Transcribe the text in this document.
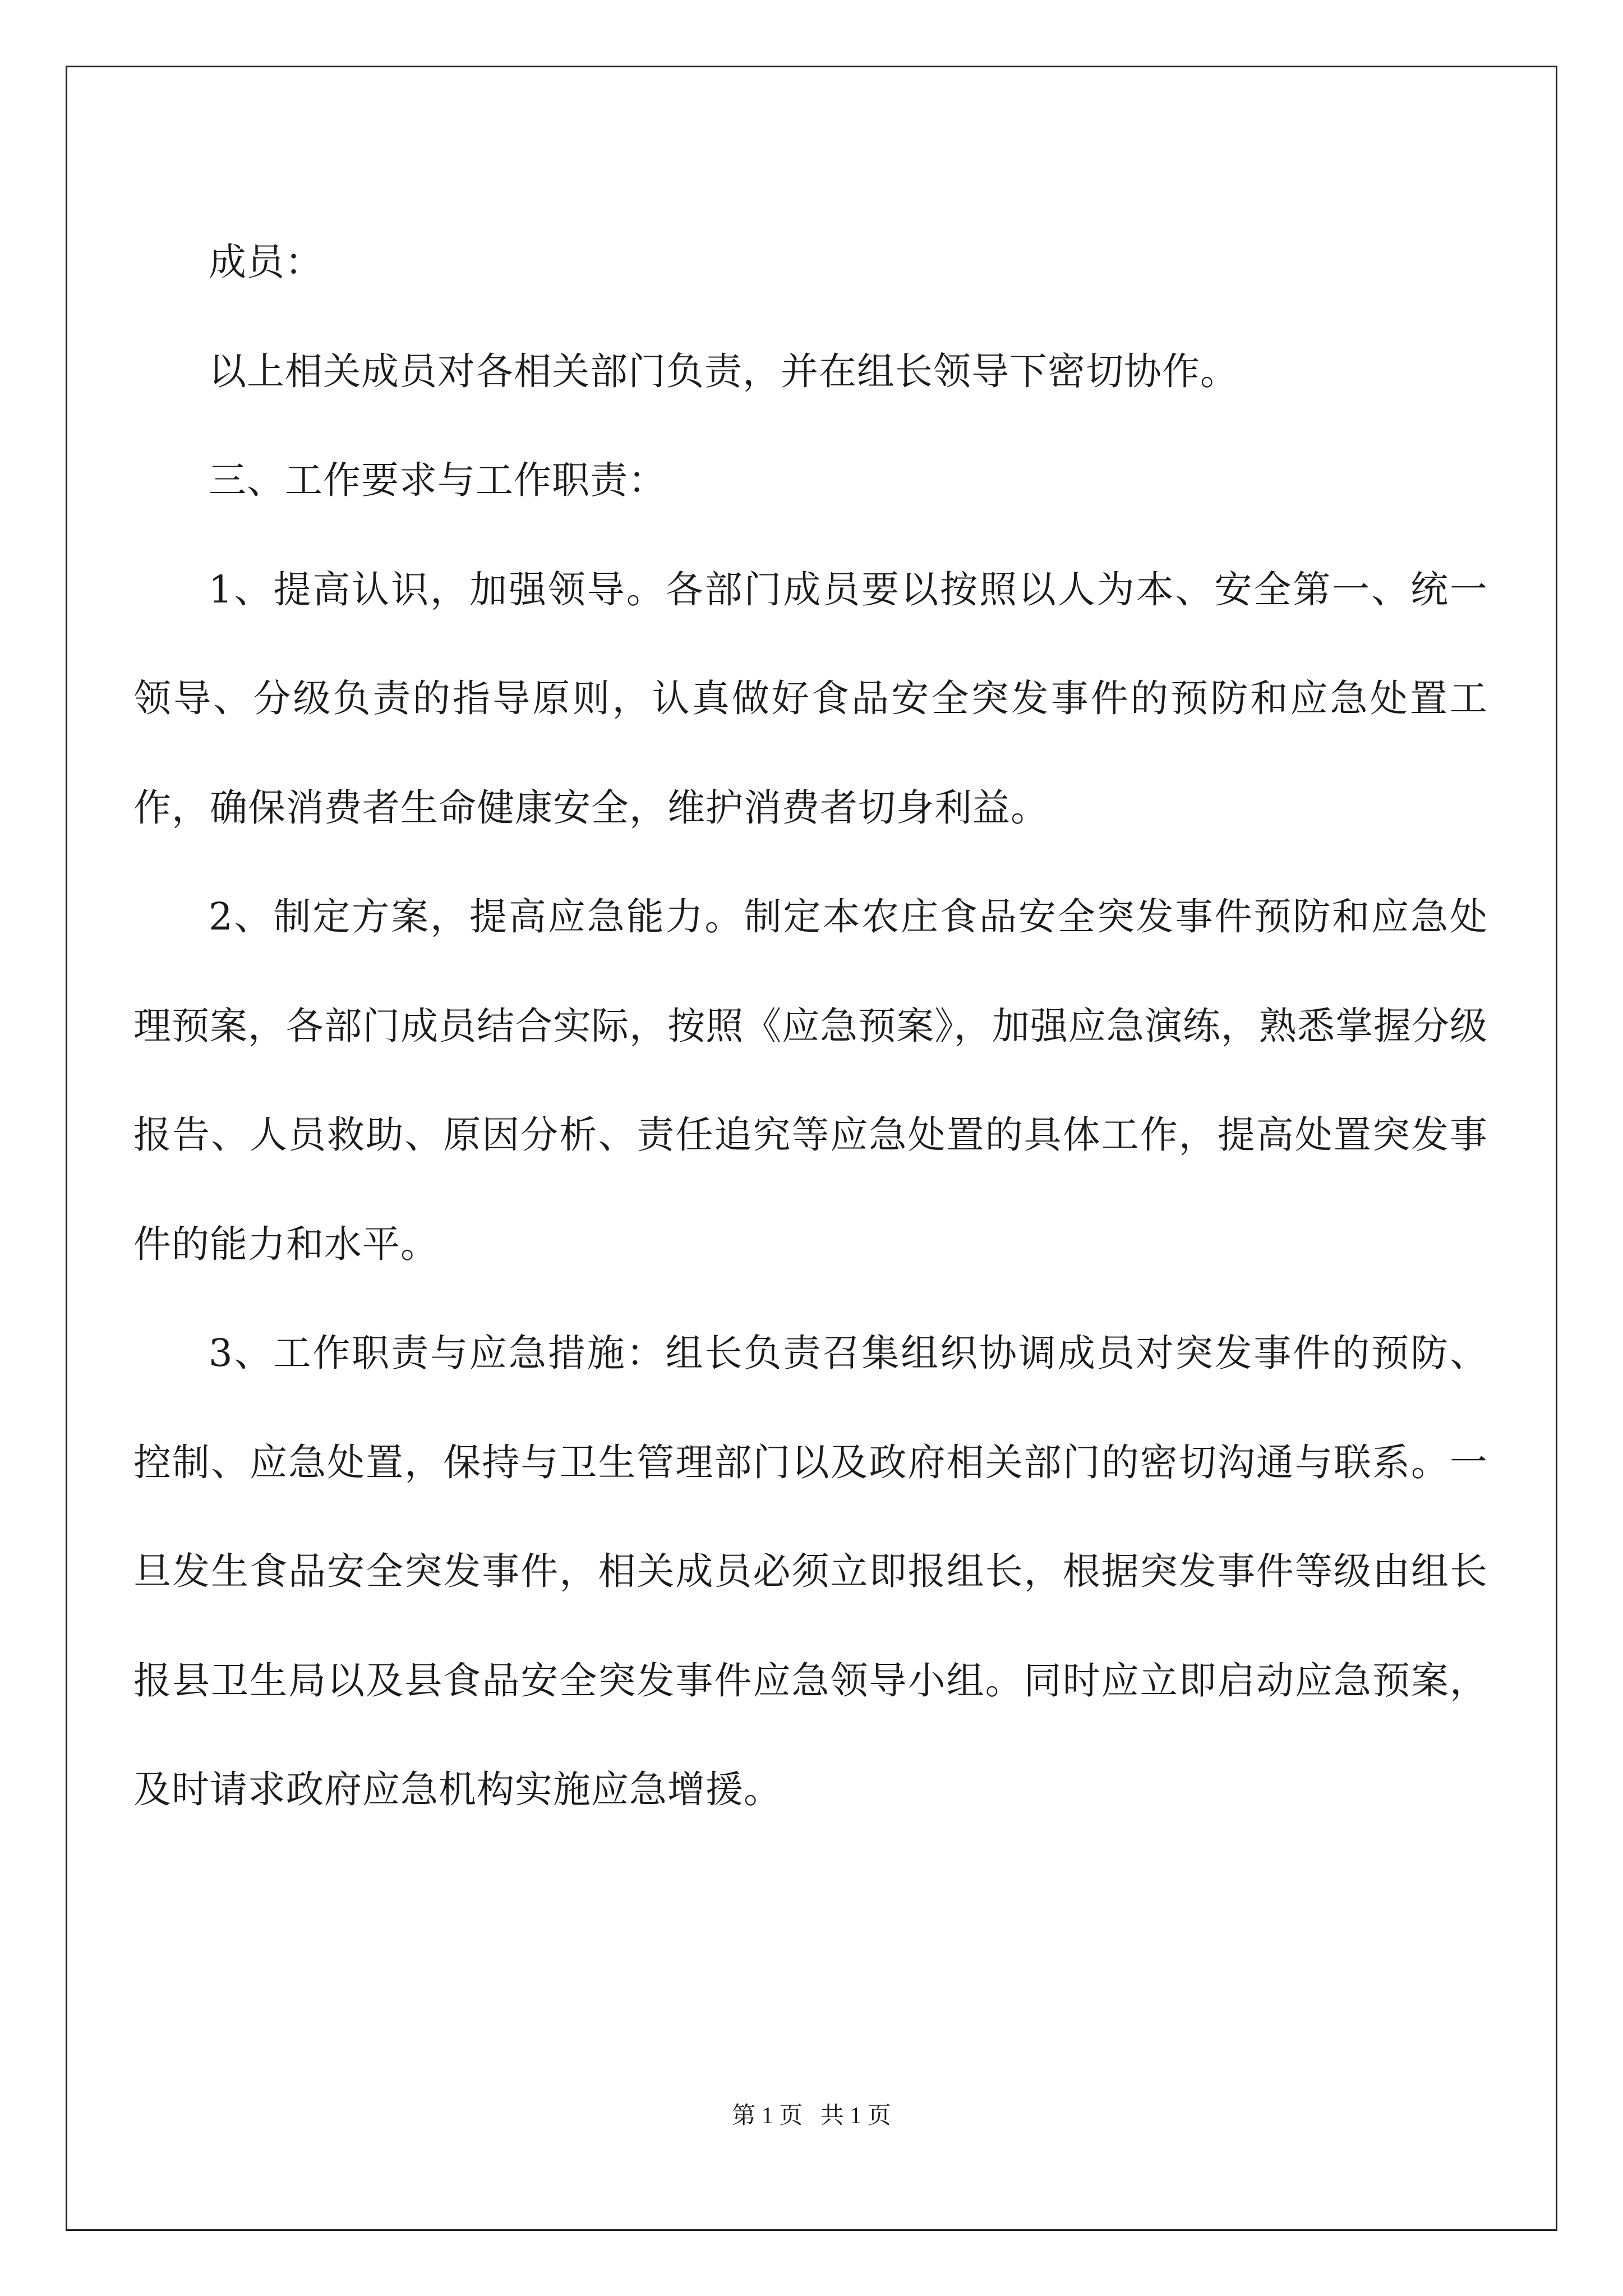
成员：

以上相关成员对各相关部门负责，并在组长领导下密切协作。

三、工作要求与工作职责：

1、提高认识，加强领导。各部门成员要以按照以人为本、安全第一、统一领导、分级负责的指导原则，认真做好食品安全突发事件的预防和应急处置工作，确保消费者生命健康安全，维护消费者切身利益。

2、制定方案，提高应急能力。制定本农庄食品安全突发事件预防和应急处理预案，各部门成员结合实际，按照《应急预案》，加强应急演练，熟悉掌握分级报告、人员救助、原因分析、责任追究等应急处置的具体工作，提高处置突发事件的能力和水平。

3、工作职责与应急措施：组长负责召集组织协调成员对突发事件的预防、控制、应急处置，保持与卫生管理部门以及政府相关部门的密切沟通与联系。一旦发生食品安全突发事件，相关成员必须立即报组长，根据突发事件等级由组长报县卫生局以及县食品安全突发事件应急领导小组。同时应立即启动应急预案，及时请求政府应急机构实施应急增援。

第 1 页 共 1 页
